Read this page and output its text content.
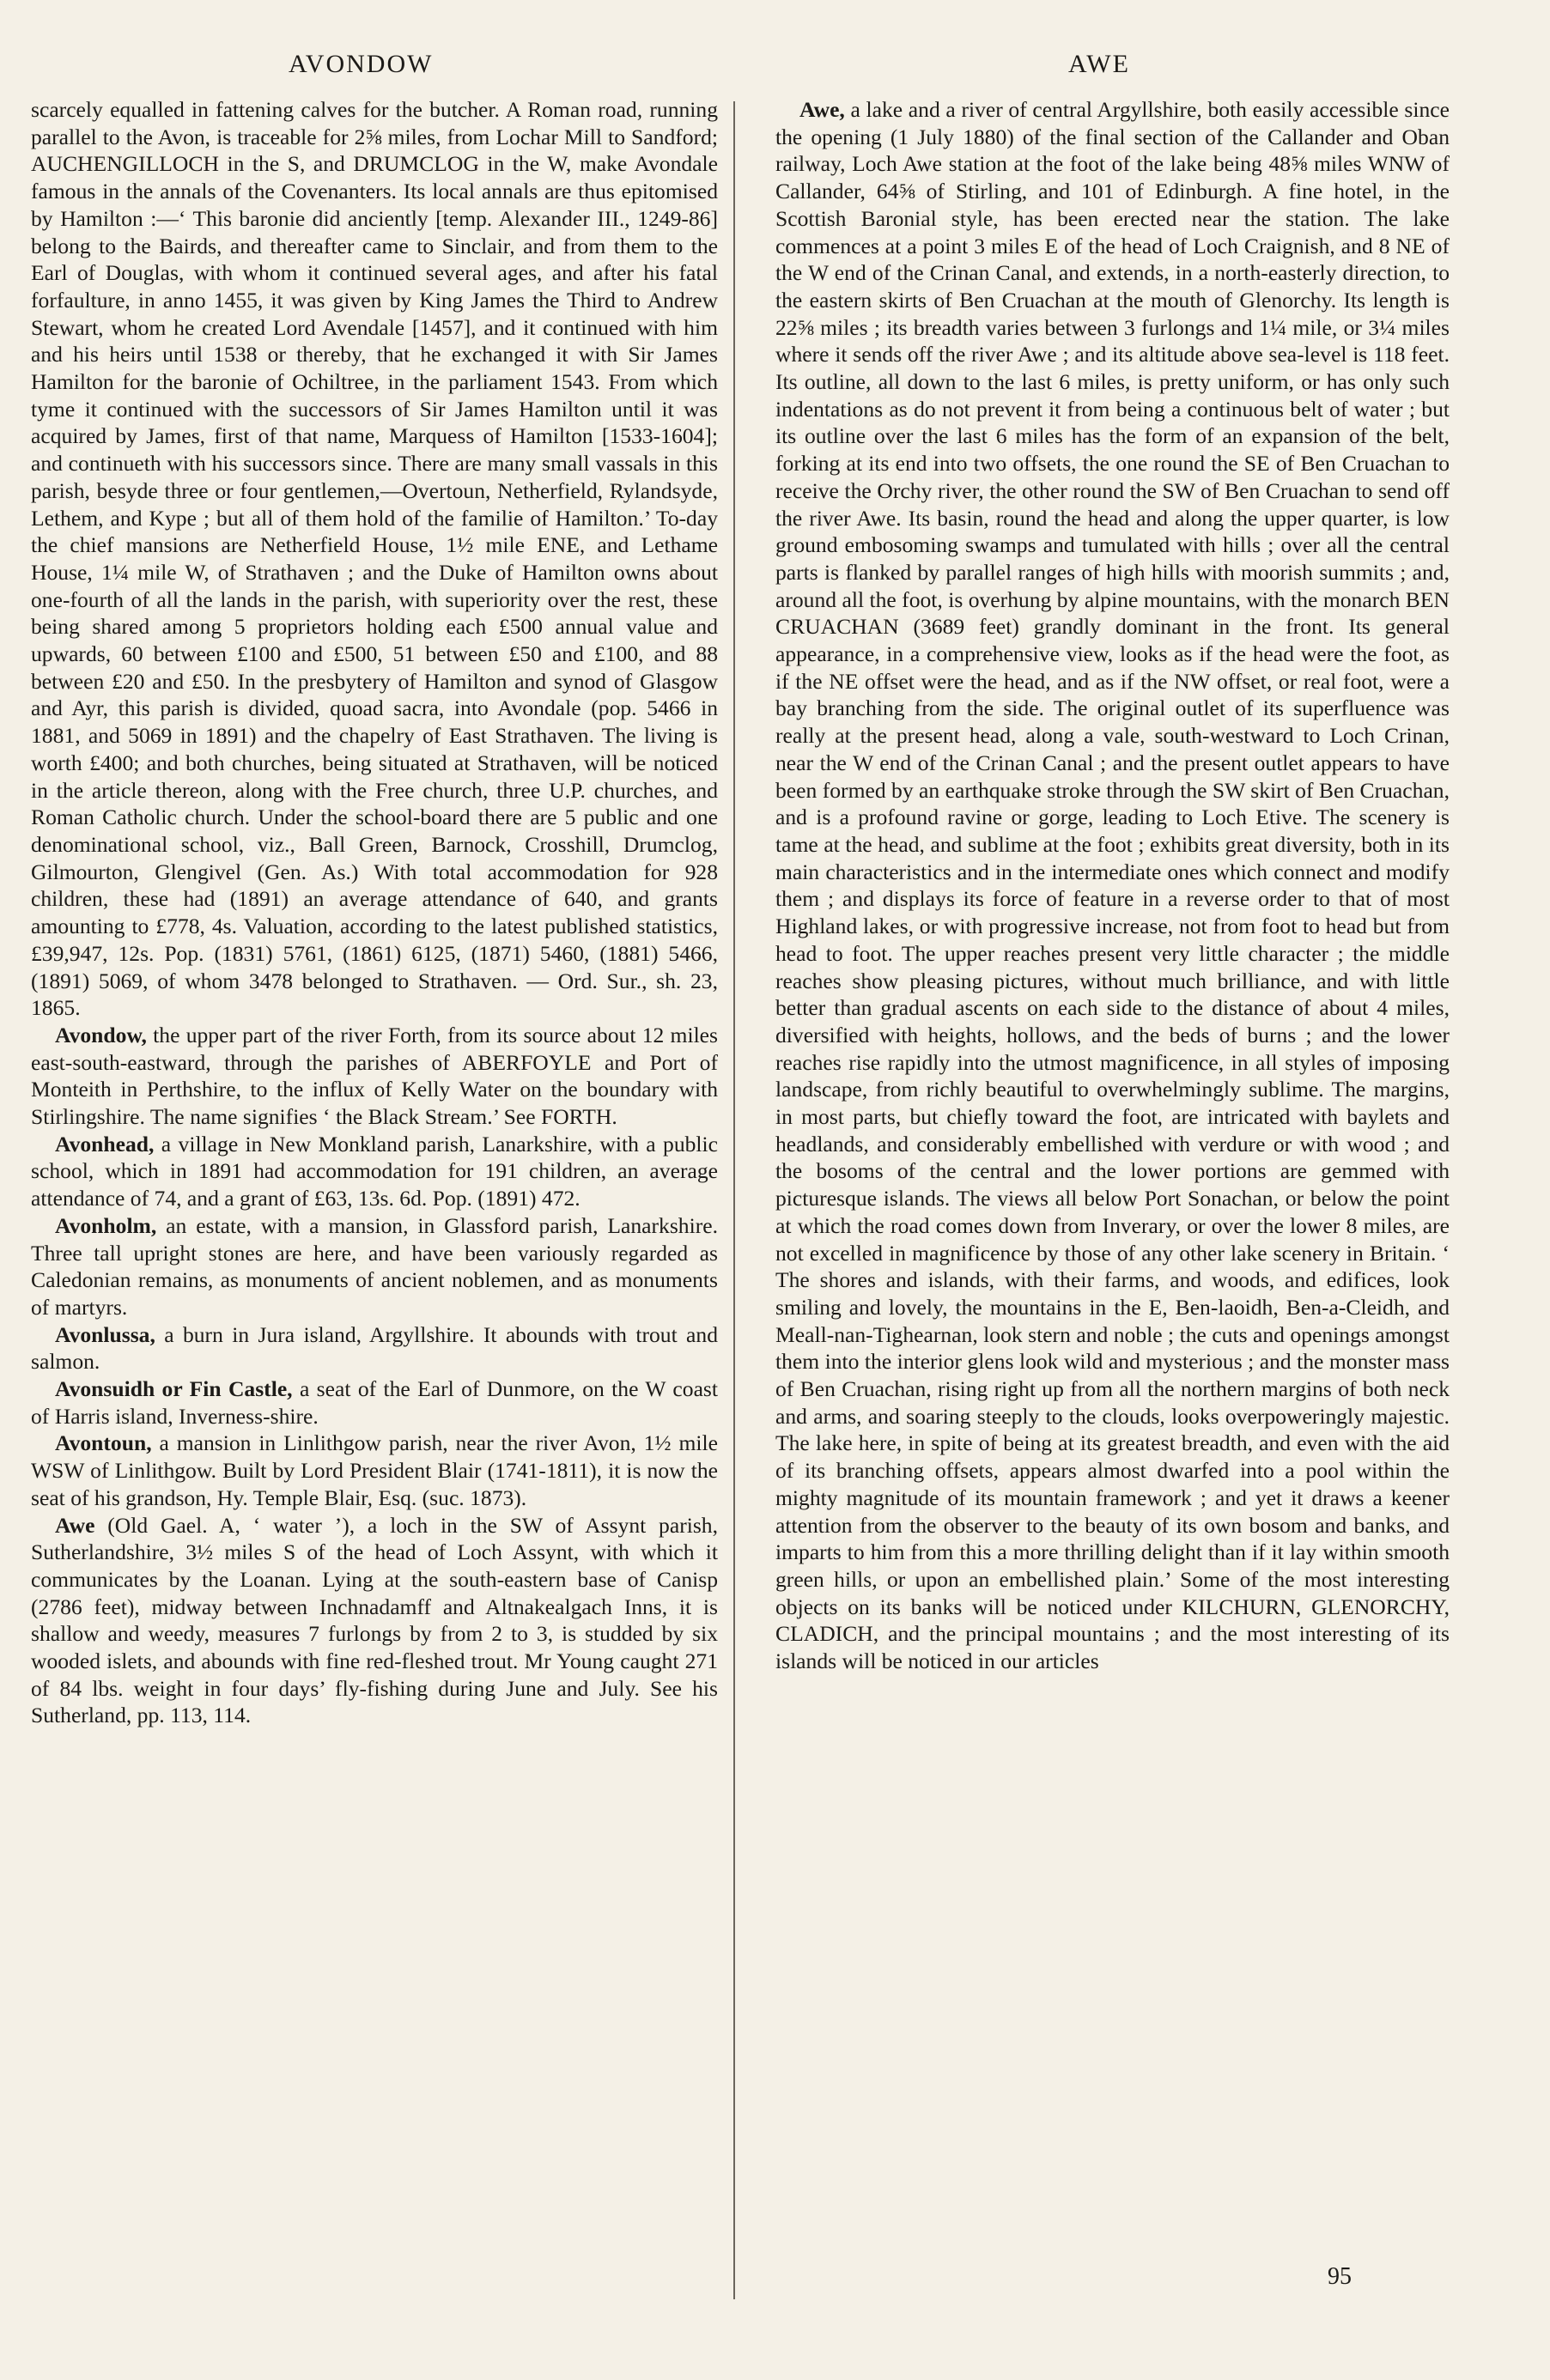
AVONDOW	AWE

scarcely equalled in fattening calves for the butcher. A Roman road, running parallel to the Avon, is traceable for 2⅝ miles, from Lochar Mill to Sandford; AUCHENGILLOCH in the S, and DRUMCLOG in the W, make Avondale famous in the annals of the Covenanters. Its local annals are thus epitomised by Hamilton :—‘ This baronie did anciently [temp. Alexander III., 1249-86] belong to the Bairds, and thereafter came to Sinclair, and from them to the Earl of Douglas, with whom it continued several ages, and after his fatal forfaulture, in anno 1455, it was given by King James the Third to Andrew Stewart, whom he created Lord Avendale [1457], and it continued with him and his heirs until 1538 or thereby, that he exchanged it with Sir James Hamilton for the baronie of Ochiltree, in the parliament 1543. From which tyme it continued with the successors of Sir James Hamilton until it was acquired by James, first of that name, Marquess of Hamilton [1533-1604]; and continueth with his successors since. There are many small vassals in this parish, besyde three or four gentlemen,—Overtoun, Netherfield, Rylandsyde, Lethem, and Kype ; but all of them hold of the familie of Hamilton.’ To-day the chief mansions are Netherfield House, 1½ mile ENE, and Lethame House, 1¼ mile W, of Strathaven ; and the Duke of Hamilton owns about one-fourth of all the lands in the parish, with superiority over the rest, these being shared among 5 proprietors holding each £500 annual value and upwards, 60 between £100 and £500, 51 between £50 and £100, and 88 between £20 and £50. In the presbytery of Hamilton and synod of Glasgow and Ayr, this parish is divided, quoad sacra, into Avondale (pop. 5466 in 1881, and 5069 in 1891) and the chapelry of East Strathaven. The living is worth £400; and both churches, being situated at Strathaven, will be noticed in the article thereon, along with the Free church, three U.P. churches, and Roman Catholic church. Under the school-board there are 5 public and one denominational school, viz., Ball Green, Barnock, Crosshill, Drumclog, Gilmourton, Glengivel (Gen. As.) With total accommodation for 928 children, these had (1891) an average attendance of 640, and grants amounting to £778, 4s. Valuation, according to the latest published statistics, £39,947, 12s. Pop. (1831) 5761, (1861) 6125, (1871) 5460, (1881) 5466, (1891) 5069, of whom 3478 belonged to Strathaven. — Ord. Sur., sh. 23, 1865.

Avondow, the upper part of the river Forth, from its source about 12 miles east-south-eastward, through the parishes of ABERFOYLE and Port of Monteith in Perthshire, to the influx of Kelly Water on the boundary with Stirlingshire. The name signifies ‘ the Black Stream.’ See FORTH.

Avonhead, a village in New Monkland parish, Lanarkshire, with a public school, which in 1891 had accommodation for 191 children, an average attendance of 74, and a grant of £63, 13s. 6d. Pop. (1891) 472.

Avonholm, an estate, with a mansion, in Glassford parish, Lanarkshire. Three tall upright stones are here, and have been variously regarded as Caledonian remains, as monuments of ancient noblemen, and as monuments of martyrs.

Avonlussa, a burn in Jura island, Argyllshire. It abounds with trout and salmon.

Avonsuidh or Fin Castle, a seat of the Earl of Dunmore, on the W coast of Harris island, Inverness-shire.

Avontoun, a mansion in Linlithgow parish, near the river Avon, 1½ mile WSW of Linlithgow. Built by Lord President Blair (1741-1811), it is now the seat of his grandson, Hy. Temple Blair, Esq. (suc. 1873).

Awe (Old Gael. A, ‘ water ’), a loch in the SW of Assynt parish, Sutherlandshire, 3½ miles S of the head of Loch Assynt, with which it communicates by the Loanan. Lying at the south-eastern base of Canisp (2786 feet), midway between Inchnadamff and Altnakealgach Inns, it is shallow and weedy, measures 7 furlongs by from 2 to 3, is studded by six wooded islets, and abounds with fine red-fleshed trout. Mr Young caught 271 of 84 lbs. weight in four days’ fly-fishing during June and July. See his Sutherland, pp. 113, 114.

Awe, a lake and a river of central Argyllshire, both easily accessible since the opening (1 July 1880) of the final section of the Callander and Oban railway, Loch Awe station at the foot of the lake being 48⅝ miles WNW of Callander, 64⅝ of Stirling, and 101 of Edinburgh. A fine hotel, in the Scottish Baronial style, has been erected near the station. The lake commences at a point 3 miles E of the head of Loch Craignish, and 8 NE of the W end of the Crinan Canal, and extends, in a north-easterly direction, to the eastern skirts of Ben Cruachan at the mouth of Glenorchy. Its length is 22⅝ miles ; its breadth varies between 3 furlongs and 1¼ mile, or 3¼ miles where it sends off the river Awe ; and its altitude above sea-level is 118 feet. Its outline, all down to the last 6 miles, is pretty uniform, or has only such indentations as do not prevent it from being a continuous belt of water ; but its outline over the last 6 miles has the form of an expansion of the belt, forking at its end into two offsets, the one round the SE of Ben Cruachan to receive the Orchy river, the other round the SW of Ben Cruachan to send off the river Awe. Its basin, round the head and along the upper quarter, is low ground embosoming swamps and tumulated with hills ; over all the central parts is flanked by parallel ranges of high hills with moorish summits ; and, around all the foot, is overhung by alpine mountains, with the monarch BEN CRUACHAN (3689 feet) grandly dominant in the front. Its general appearance, in a comprehensive view, looks as if the head were the foot, as if the NE offset were the head, and as if the NW offset, or real foot, were a bay branching from the side. The original outlet of its superfluence was really at the present head, along a vale, south-westward to Loch Crinan, near the W end of the Crinan Canal ; and the present outlet appears to have been formed by an earthquake stroke through the SW skirt of Ben Cruachan, and is a profound ravine or gorge, leading to Loch Etive. The scenery is tame at the head, and sublime at the foot ; exhibits great diversity, both in its main characteristics and in the intermediate ones which connect and modify them ; and displays its force of feature in a reverse order to that of most Highland lakes, or with progressive increase, not from foot to head but from head to foot. The upper reaches present very little character ; the middle reaches show pleasing pictures, without much brilliance, and with little better than gradual ascents on each side to the distance of about 4 miles, diversified with heights, hollows, and the beds of burns ; and the lower reaches rise rapidly into the utmost magnificence, in all styles of imposing landscape, from richly beautiful to overwhelmingly sublime. The margins, in most parts, but chiefly toward the foot, are intricated with baylets and headlands, and considerably embellished with verdure or with wood ; and the bosoms of the central and the lower portions are gemmed with picturesque islands. The views all below Port Sonachan, or below the point at which the road comes down from Inverary, or over the lower 8 miles, are not excelled in magnificence by those of any other lake scenery in Britain. ‘ The shores and islands, with their farms, and woods, and edifices, look smiling and lovely, the mountains in the E, Ben-laoidh, Ben-a-Cleidh, and Meall-nan-Tighearnan, look stern and noble ; the cuts and openings amongst them into the interior glens look wild and mysterious ; and the monster mass of Ben Cruachan, rising right up from all the northern margins of both neck and arms, and soaring steeply to the clouds, looks overpoweringly majestic. The lake here, in spite of being at its greatest breadth, and even with the aid of its branching offsets, appears almost dwarfed into a pool within the mighty magnitude of its mountain framework ; and yet it draws a keener attention from the observer to the beauty of its own bosom and banks, and imparts to him from this a more thrilling delight than if it lay within smooth green hills, or upon an embellished plain.’ Some of the most interesting objects on its banks will be noticed under KILCHURN, GLENORCHY, CLADICH, and the principal mountains ; and the most interesting of its islands will be noticed in our articles

95
